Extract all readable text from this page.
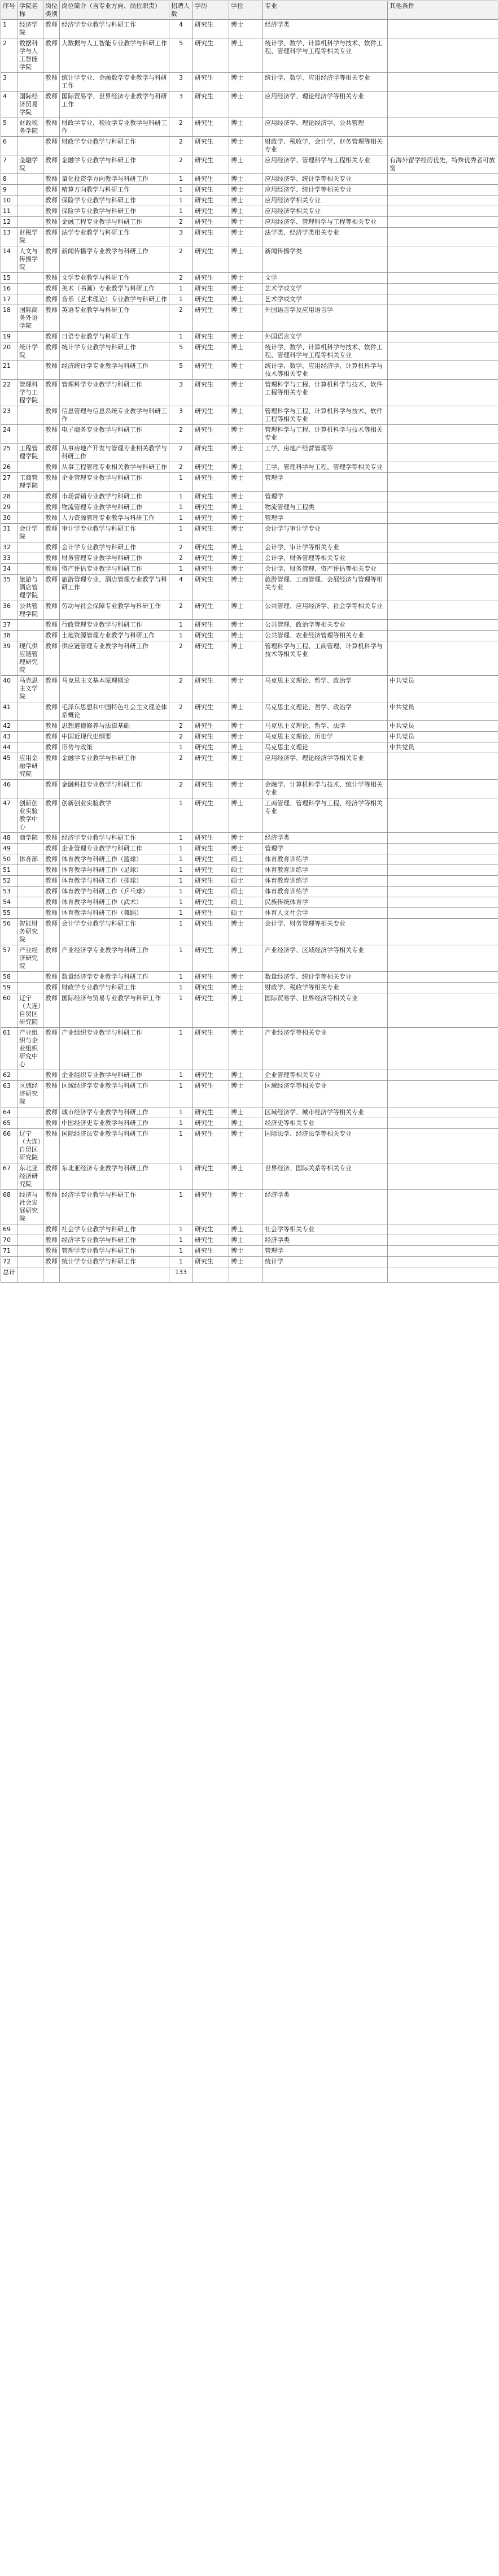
序号	学院名称	岗位类别	岗位简介（含专业方向、岗位职责）	招聘人数	学历	学位	专业	其他条件
1	经济学院	教师	经济学专业教学与科研工作	4	研究生	博士	经济学类	
2	数据科学与人工智能学院	教师	大数据与人工智能专业教学与科研工作	5	研究生	博士	统计学、数学、计算机科学与技术、软件工程、管理科学与工程等相关专业	
3		教师	统计学专业、金融数学专业教学与科研工作	3	研究生	博士	统计学、数学、应用经济学等相关专业	
4	国际经济贸易学院	教师	国际贸易学、世界经济专业教学与科研工作	3	研究生	博士	应用经济学、理论经济学等相关专业	
5	财政税务学院	教师	财政学专业、税收学专业教学与科研工作	2	研究生	博士	应用经济学、理论经济学、公共管理	
6		教师	财政学专业教学与科研工作	2	研究生	博士	财政学、税收学、会计学、财务管理等相关专业	
7	金融学院	教师	金融学专业教学与科研工作	2	研究生	博士	应用经济学、管理科学与工程相关专业	有海外留学经历优先，特殊优秀者可放宽
8		教师	量化投资学方向教学与科研工作	1	研究生	博士	应用经济学、统计学等相关专业	
9		教师	精算方向教学与科研工作	1	研究生	博士	应用经济学、统计学等相关专业	
10		教师	保险学专业教学与科研工作	1	研究生	博士	应用经济学相关专业	
11		教师	保险学专业教学与科研工作	1	研究生	博士	应用经济学相关专业	
12		教师	金融工程专业教学与科研工作	2	研究生	博士	应用经济学、管理科学与工程等相关专业	
13	财税学院	教师	法学专业教学与科研工作	3	研究生	博士	法学类、经济学类相关专业	
14	人文与传播学院	教师	新闻传播学专业教学与科研工作	2	研究生	博士	新闻传播学类	
15		教师	文学专业教学与科研工作	2	研究生	博士	文学	
16		教师	美术（书画）专业教学与科研工作	1	研究生	博士	艺术学或文学	
17		教师	音乐（艺术理论）专业教学与科研工作	1	研究生	博士	艺术学或文学	
18	国际商务外语学院	教师	英语专业教学与科研工作	2	研究生	博士	外国语言学及应用语言学	
19		教师	日语专业教学与科研工作	1	研究生	博士	外国语言文学	
20	统计学院	教师	统计学专业教学与科研工作	5	研究生	博士	统计学、数学、计算机科学与技术、软件工程、管理科学与工程等相关专业	
21		教师	经济统计学专业教学与科研工作	5	研究生	博士	统计学、数学、应用经济学、计算机科学与技术等相关专业	
22	管理科学与工程学院	教师	管理科学专业教学与科研工作	3	研究生	博士	管理科学与工程、计算机科学与技术、软件工程等相关专业	
23		教师	信息管理与信息系统专业教学与科研工作	3	研究生	博士	管理科学与工程、计算机科学与技术、软件工程等相关专业	
24		教师	电子商务专业教学与科研工作	2	研究生	博士	管理科学与工程、计算机科学与技术等相关专业	
25	工程管理学院	教师	从事房地产开发与管理专业相关教学与科研工作	2	研究生	博士	工学、房地产经营管理等	
26		教师	从事工程管理专业相关教学与科研工作	2	研究生	博士	工学、管理科学与工程、管理学等相关专业	
27	工商管理学院	教师	企业管理专业教学与科研工作	1	研究生	博士	管理学	
28		教师	市场营销专业教学与科研工作	1	研究生	博士	管理学	
29		教师	物流管理专业教学与科研工作	1	研究生	博士	物流管理与工程类	
30		教师	人力资源管理专业教学与科研工作	1	研究生	博士	管理学	
31	会计学院	教师	审计学专业教学与科研工作	1	研究生	博士	会计学与审计学专业	
32		教师	会计学专业教学与科研工作	2	研究生	博士	会计学、审计学等相关专业	
33		教师	财务管理专业教学与科研工作	2	研究生	博士	会计学、财务管理等相关专业	
34		教师	资产评估专业教学与科研工作	1	研究生	博士	会计学、财务管理、资产评估等相关专业	
35	旅游与酒店管理学院	教师	旅游管理专业、酒店管理专业教学与科研工作	4	研究生	博士	旅游管理、工商管理、会展经济与管理等相关专业	
36	公共管理学院	教师	劳动与社会保障专业教学与科研工作	2	研究生	博士	公共管理、应用经济学、社会学等相关专业	
37		教师	行政管理专业教学与科研工作	1	研究生	博士	公共管理、政治学等相关专业	
38		教师	土地资源管理专业教学与科研工作	1	研究生	博士	公共管理、农业经济管理等相关专业	
39	现代供应链管理研究院	教师	供应链管理专业教学与科研工作	2	研究生	博士	管理科学与工程、工商管理、计算机科学与技术等相关专业	
40	马克思主义学院	教师	马克思主义基本原理概论	2	研究生	博士	马克思主义理论、哲学、政治学	中共党员
41		教师	毛泽东思想和中国特色社会主义理论体系概论	2	研究生	博士	马克思主义理论、哲学、政治学	中共党员
42		教师	思想道德修养与法律基础	2	研究生	博士	马克思主义理论、哲学、法学	中共党员
43		教师	中国近现代史纲要	2	研究生	博士	马克思主义理论、历史学	中共党员
44		教师	形势与政策	1	研究生	博士	马克思主义理论	中共党员
45	应用金融学研究院	教师	金融学专业教学与科研工作	2	研究生	博士	应用经济学、理论经济学等相关专业	
46		教师	金融科技专业教学与科研工作	2	研究生	博士	金融学、计算机科学与技术、统计学等相关专业	
47	创新创业实验教学中心	教师	创新创业实验教学	1	研究生	博士	工商管理、管理科学与工程、经济学等相关专业	
48	商学院	教师	经济学专业教学与科研工作	1	研究生	博士	经济学类	
49		教师	企业管理专业教学与科研工作	1	研究生	博士	管理学	
50	体育部	教师	体育教学与科研工作（篮球）	1	研究生	硕士	体育教育训练学	
51		教师	体育教学与科研工作（足球）	1	研究生	硕士	体育教育训练学	
52		教师	体育教学与科研工作（排球）	1	研究生	硕士	体育教育训练学	
53		教师	体育教学与科研工作（乒乓球）	1	研究生	硕士	体育教育训练学	
54		教师	体育教学与科研工作（武术）	1	研究生	硕士	民族传统体育学	
55		教师	体育教学与科研工作（舞蹈）	1	研究生	硕士	体育人文社会学	
56	智能财务研究院	教师	会计学专业教学与科研工作	1	研究生	博士	会计学、财务管理等相关专业	
57	产业经济研究院	教师	产业经济学专业教学与科研工作	1	研究生	博士	产业经济学、区域经济学等相关专业	
58		教师	数量经济学专业教学与科研工作	1	研究生	博士	数量经济学、统计学等相关专业	
59		教师	财政学专业教学与科研工作	1	研究生	博士	财政学、税收学等相关专业	
60	辽宁（大连）自贸区研究院	教师	国际经济与贸易专业教学与科研工作	1	研究生	博士	国际贸易学、世界经济等相关专业	
61	产业组织与企业组织研究中心	教师	产业组织专业教学与科研工作	1	研究生	博士	产业经济学等相关专业	
62		教师	企业组织专业教学与科研工作	1	研究生	博士	企业管理等相关专业	
63	区域经济研究院	教师	区域经济学专业教学与科研工作	1	研究生	博士	区域经济学等相关专业	
64		教师	城市经济学专业教学与科研工作	1	研究生	博士	区域经济学、城市经济学等相关专业	
65		教师	中国经济史专业教学与科研工作	1	研究生	博士	经济史等相关专业	
66	辽宁（大连）自贸区研究院	教师	国际经济法专业教学与科研工作	1	研究生	博士	国际法学、经济法学等相关专业	
67	东北亚经济研究院	教师	东北亚经济专业教学与科研工作	1	研究生	博士	世界经济、国际关系等相关专业	
68	经济与社会发展研究院	教师	经济学专业教学与科研工作	1	研究生	博士	经济学类	
69		教师	社会学专业教学与科研工作	1	研究生	博士	社会学等相关专业	
70		教师	经济学专业教学与科研工作	1	研究生	博士	经济学类	
71		教师	管理学专业教学与科研工作	1	研究生	博士	管理学	
72		教师	统计学专业教学与科研工作	1	研究生	博士	统计学	
总计				133				
